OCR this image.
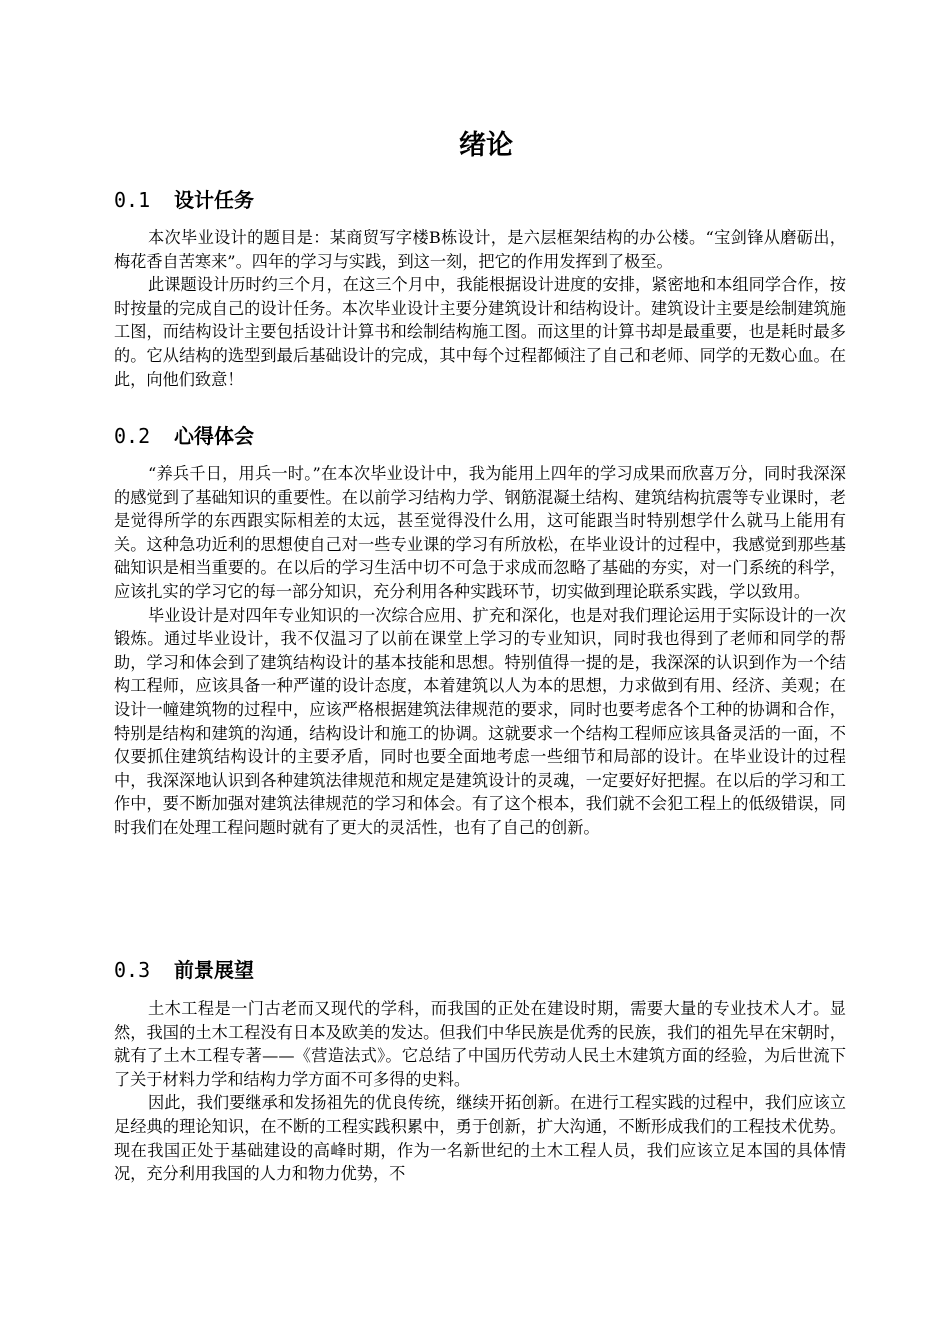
绪论
0.1 设计任务

本次毕业设计的题目是：某商贸写字楼B栋设计，是六层框架结构的办公楼。“宝剑锋从磨砺出，梅花香自苦寒来”。四年的学习与实践，到这一刻，把它的作用发挥到了极至。

此课题设计历时约三个月，在这三个月中，我能根据设计进度的安排，紧密地和本组同学合作，按时按量的完成自己的设计任务。本次毕业设计主要分建筑设计和结构设计。建筑设计主要是绘制建筑施工图，而结构设计主要包括设计计算书和绘制结构施工图。而这里的计算书却是最重要，也是耗时最多的。它从结构的选型到最后基础设计的完成，其中每个过程都倾注了自己和老师、同学的无数心血。在此，向他们致意！

0.2 心得体会

“养兵千日，用兵一时。”在本次毕业设计中，我为能用上四年的学习成果而欣喜万分，同时我深深的感觉到了基础知识的重要性。在以前学习结构力学、钢筋混凝土结构、建筑结构抗震等专业课时，老是觉得所学的东西跟实际相差的太远，甚至觉得没什么用，这可能跟当时特别想学什么就马上能用有关。这种急功近利的思想使自己对一些专业课的学习有所放松，在毕业设计的过程中，我感觉到那些基础知识是相当重要的。在以后的学习生活中切不可急于求成而忽略了基础的夯实，对一门系统的科学，应该扎实的学习它的每一部分知识，充分利用各种实践环节，切实做到理论联系实践，学以致用。

毕业设计是对四年专业知识的一次综合应用、扩充和深化，也是对我们理论运用于实际设计的一次锻炼。通过毕业设计，我不仅温习了以前在课堂上学习的专业知识，同时我也得到了老师和同学的帮助，学习和体会到了建筑结构设计的基本技能和思想。特别值得一提的是，我深深的认识到作为一个结构工程师，应该具备一种严谨的设计态度，本着建筑以人为本的思想，力求做到有用、经济、美观；在设计一幢建筑物的过程中，应该严格根据建筑法律规范的要求，同时也要考虑各个工种的协调和合作，特别是结构和建筑的沟通，结构设计和施工的协调。这就要求一个结构工程师应该具备灵活的一面，不仅要抓住建筑结构设计的主要矛盾，同时也要全面地考虑一些细节和局部的设计。在毕业设计的过程中，我深深地认识到各种建筑法律规范和规定是建筑设计的灵魂，一定要好好把握。在以后的学习和工作中，要不断加强对建筑法律规范的学习和体会。有了这个根本，我们就不会犯工程上的低级错误，同时我们在处理工程问题时就有了更大的灵活性，也有了自己的创新。

0.3 前景展望

土木工程是一门古老而又现代的学科，而我国的正处在建设时期，需要大量的专业技术人才。显然，我国的土木工程没有日本及欧美的发达。但我们中华民族是优秀的民族，我们的祖先早在宋朝时，就有了土木工程专著——《营造法式》。它总结了中国历代劳动人民土木建筑方面的经验，为后世流下了关于材料力学和结构力学方面不可多得的史料。

因此，我们要继承和发扬祖先的优良传统，继续开拓创新。在进行工程实践的过程中，我们应该立足经典的理论知识，在不断的工程实践积累中，勇于创新，扩大沟通，不断形成我们的工程技术优势。现在我国正处于基础建设的高峰时期，作为一名新世纪的土木工程人员，我们应该立足本国的具体情况，充分利用我国的人力和物力优势，不
